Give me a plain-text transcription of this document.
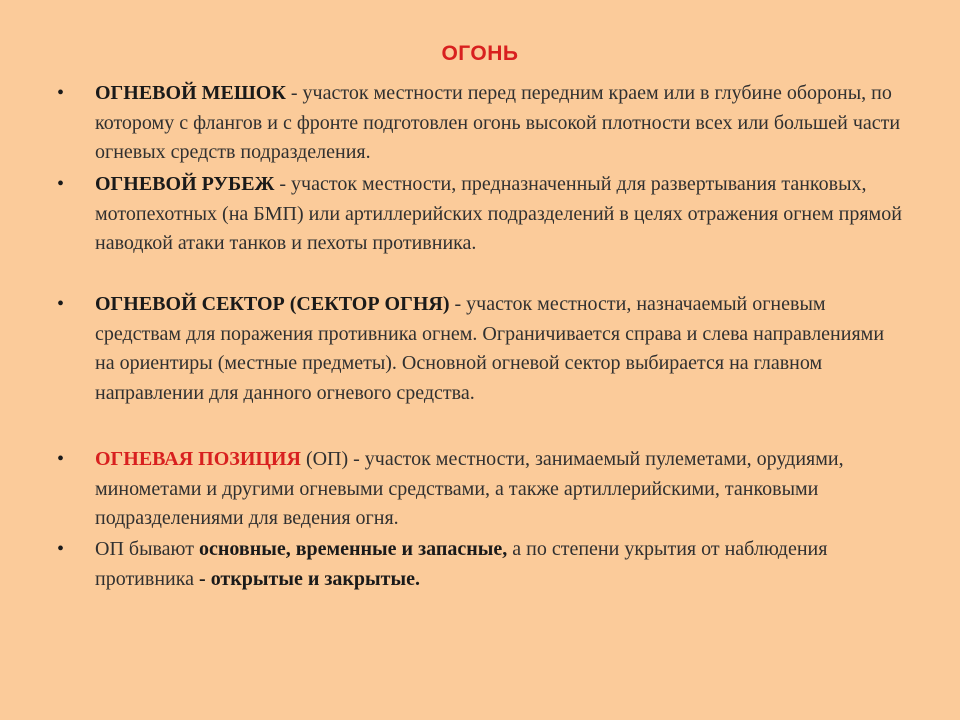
ОГОНЬ
• ОГНЕВОЙ МЕШОК - участок местности перед передним краем или в глубине обороны, по которому с флангов и с фронте подготовлен огонь высокой плотности всех или большей части огневых средств подразделения.
• ОГНЕВОЙ РУБЕЖ - участок местности, предназначенный для развертывания танковых, мотопехотных (на БМП) или артиллерийских подразделений в целях отражения огнем прямой наводкой атаки танков и пехоты противника.
• ОГНЕВОЙ СЕКТОР (СЕКТОР ОГНЯ) - участок местности, назначаемый огневым средствам для поражения противника огнем. Ограничивается справа и слева направлениями на ориентиры (местные предметы). Основной огневой сектор выбирается на главном направлении для данного огневого средства.
• ОГНЕВАЯ ПОЗИЦИЯ (ОП) - участок местности, занимаемый пулеметами, орудиями, минометами и другими огневыми средствами, а также артиллерийскими, танковыми подразделениями для ведения огня.
• ОП бывают основные, временные и запасные, а по степени укрытия от наблюдения противника - открытые и закрытые.
